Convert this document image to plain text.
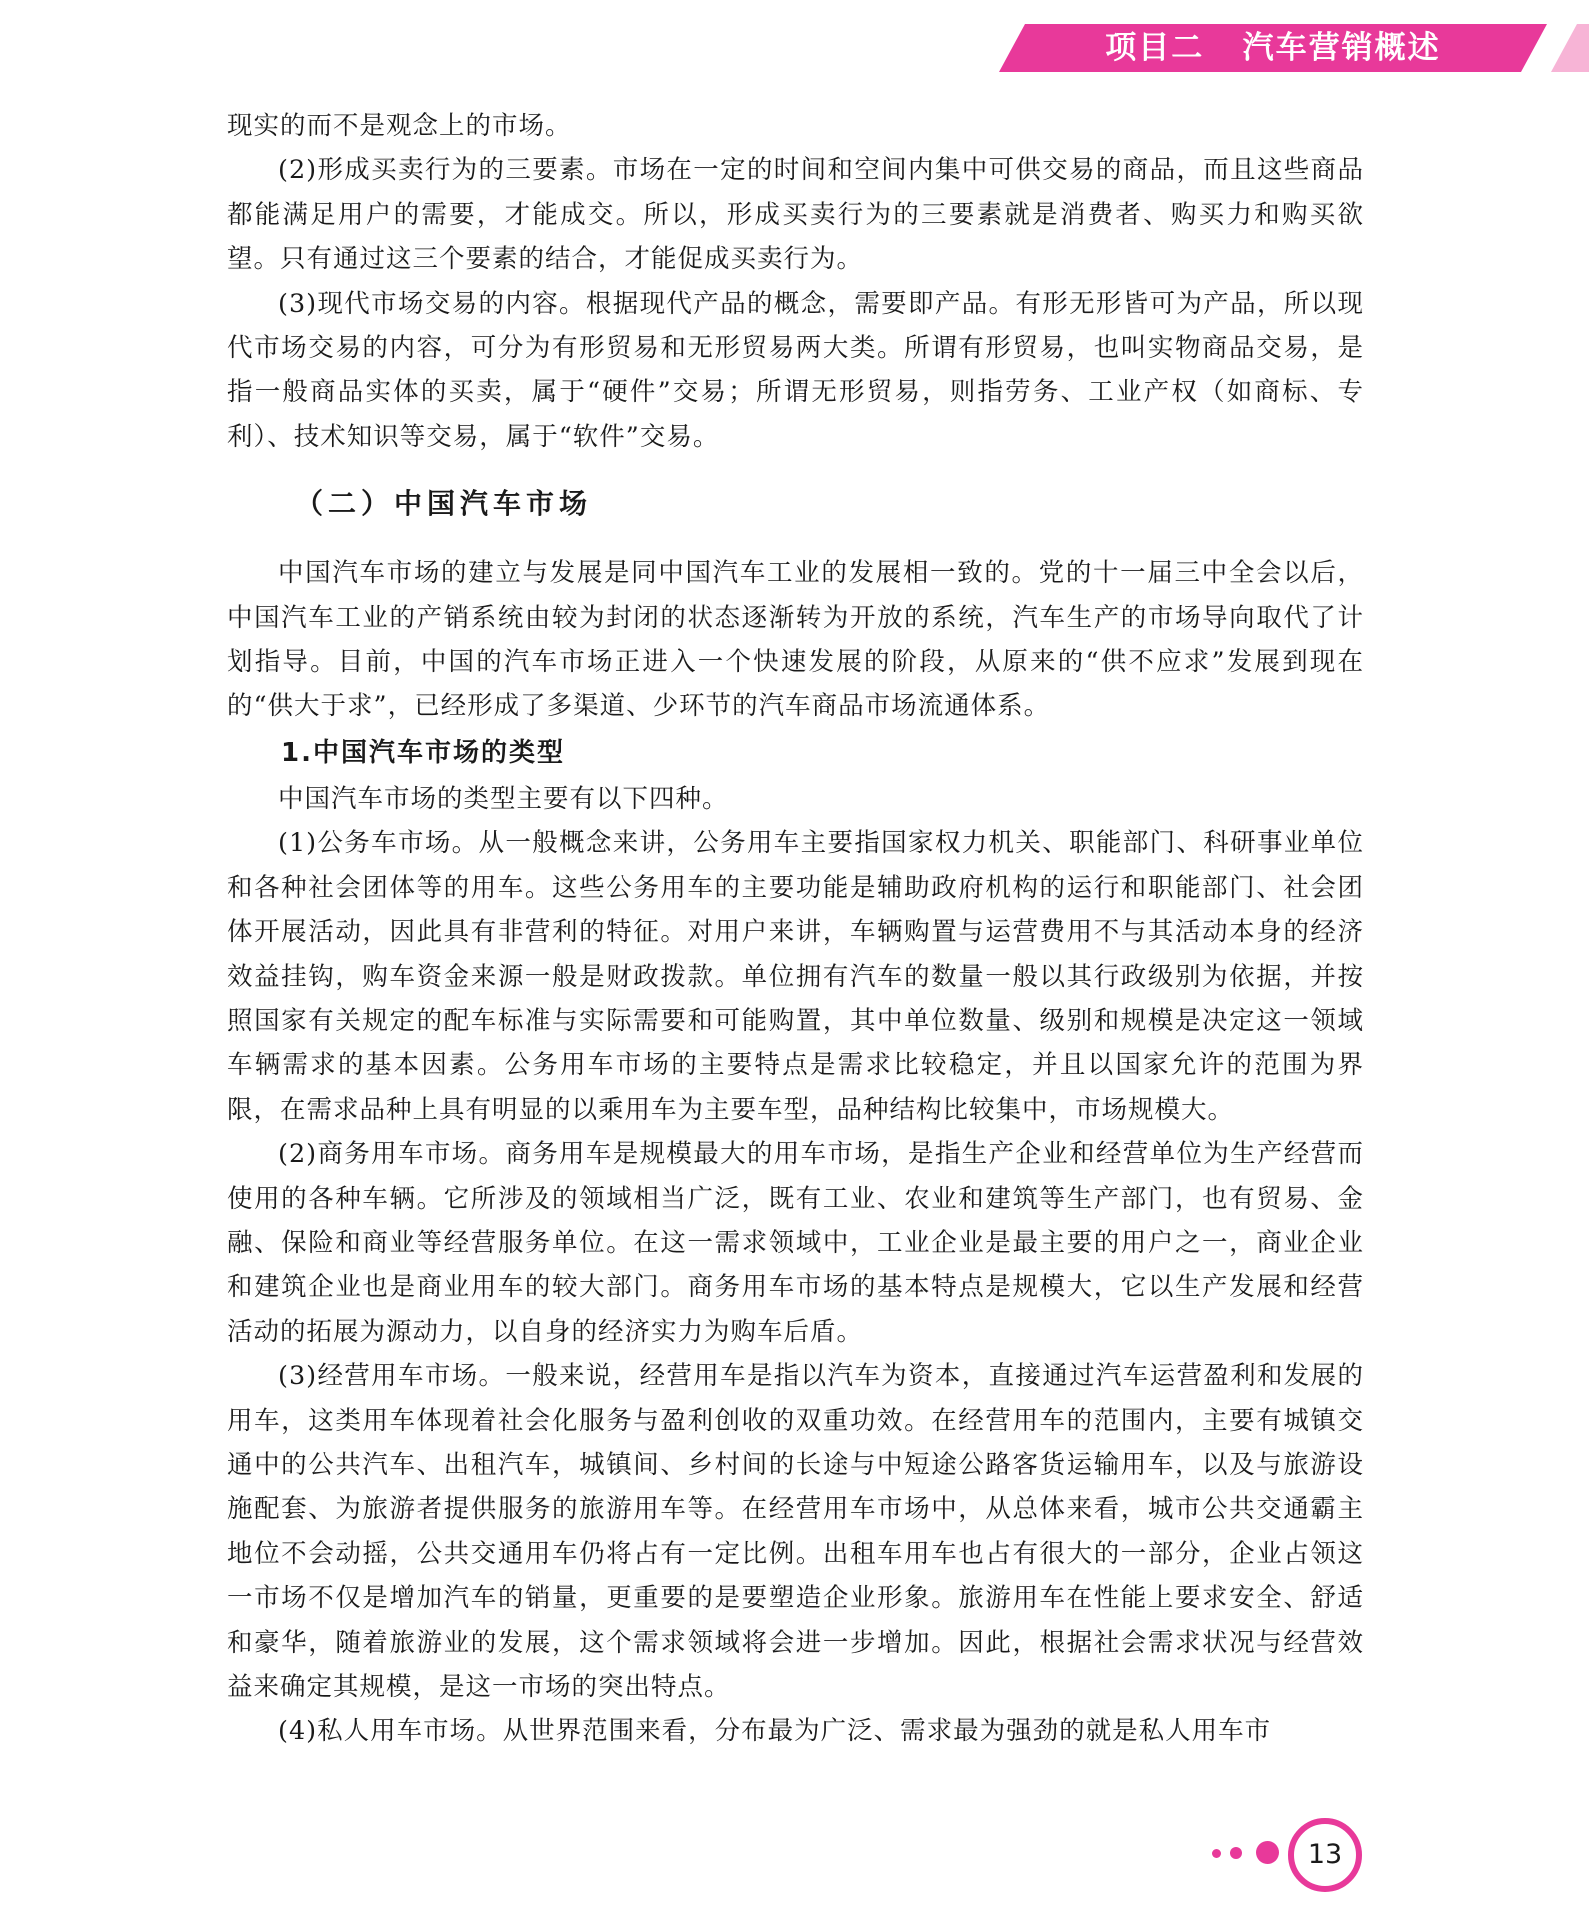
项目二   汽车营销概述

现实的而不是观念上的市场。

(2)形成买卖行为的三要素。市场在一定的时间和空间内集中可供交易的商品，而且这些商品都能满足用户的需要，才能成交。所以，形成买卖行为的三要素就是消费者、购买力和购买欲望。只有通过这三个要素的结合，才能促成买卖行为。

(3)现代市场交易的内容。根据现代产品的概念，需要即产品。有形无形皆可为产品，所以现代市场交易的内容，可分为有形贸易和无形贸易两大类。所谓有形贸易，也叫实物商品交易，是指一般商品实体的买卖，属于“硬件”交易；所谓无形贸易，则指劳务、工业产权（如商标、专利）、技术知识等交易，属于“软件”交易。

（二）中国汽车市场

中国汽车市场的建立与发展是同中国汽车工业的发展相一致的。党的十一届三中全会以后，中国汽车工业的产销系统由较为封闭的状态逐渐转为开放的系统，汽车生产的市场导向取代了计划指导。目前，中国的汽车市场正进入一个快速发展的阶段，从原来的“供不应求”发展到现在的“供大于求”，已经形成了多渠道、少环节的汽车商品市场流通体系。

1.中国汽车市场的类型

中国汽车市场的类型主要有以下四种。

(1)公务车市场。从一般概念来讲，公务用车主要指国家权力机关、职能部门、科研事业单位和各种社会团体等的用车。这些公务用车的主要功能是辅助政府机构的运行和职能部门、社会团体开展活动，因此具有非营利的特征。对用户来讲，车辆购置与运营费用不与其活动本身的经济效益挂钩，购车资金来源一般是财政拨款。单位拥有汽车的数量一般以其行政级别为依据，并按照国家有关规定的配车标准与实际需要和可能购置，其中单位数量、级别和规模是决定这一领域车辆需求的基本因素。公务用车市场的主要特点是需求比较稳定，并且以国家允许的范围为界限，在需求品种上具有明显的以乘用车为主要车型，品种结构比较集中，市场规模大。

(2)商务用车市场。商务用车是规模最大的用车市场，是指生产企业和经营单位为生产经营而使用的各种车辆。它所涉及的领域相当广泛，既有工业、农业和建筑等生产部门，也有贸易、金融、保险和商业等经营服务单位。在这一需求领域中，工业企业是最主要的用户之一，商业企业和建筑企业也是商业用车的较大部门。商务用车市场的基本特点是规模大，它以生产发展和经营活动的拓展为源动力，以自身的经济实力为购车后盾。

(3)经营用车市场。一般来说，经营用车是指以汽车为资本，直接通过汽车运营盈利和发展的用车，这类用车体现着社会化服务与盈利创收的双重功效。在经营用车的范围内，主要有城镇交通中的公共汽车、出租汽车，城镇间、乡村间的长途与中短途公路客货运输用车，以及与旅游设施配套、为旅游者提供服务的旅游用车等。在经营用车市场中，从总体来看，城市公共交通霸主地位不会动摇，公共交通用车仍将占有一定比例。出租车用车也占有很大的一部分，企业占领这一市场不仅是增加汽车的销量，更重要的是要塑造企业形象。旅游用车在性能上要求安全、舒适和豪华，随着旅游业的发展，这个需求领域将会进一步增加。因此，根据社会需求状况与经营效益来确定其规模，是这一市场的突出特点。

(4)私人用车市场。从世界范围来看，分布最为广泛、需求最为强劲的就是私人用车市

13
